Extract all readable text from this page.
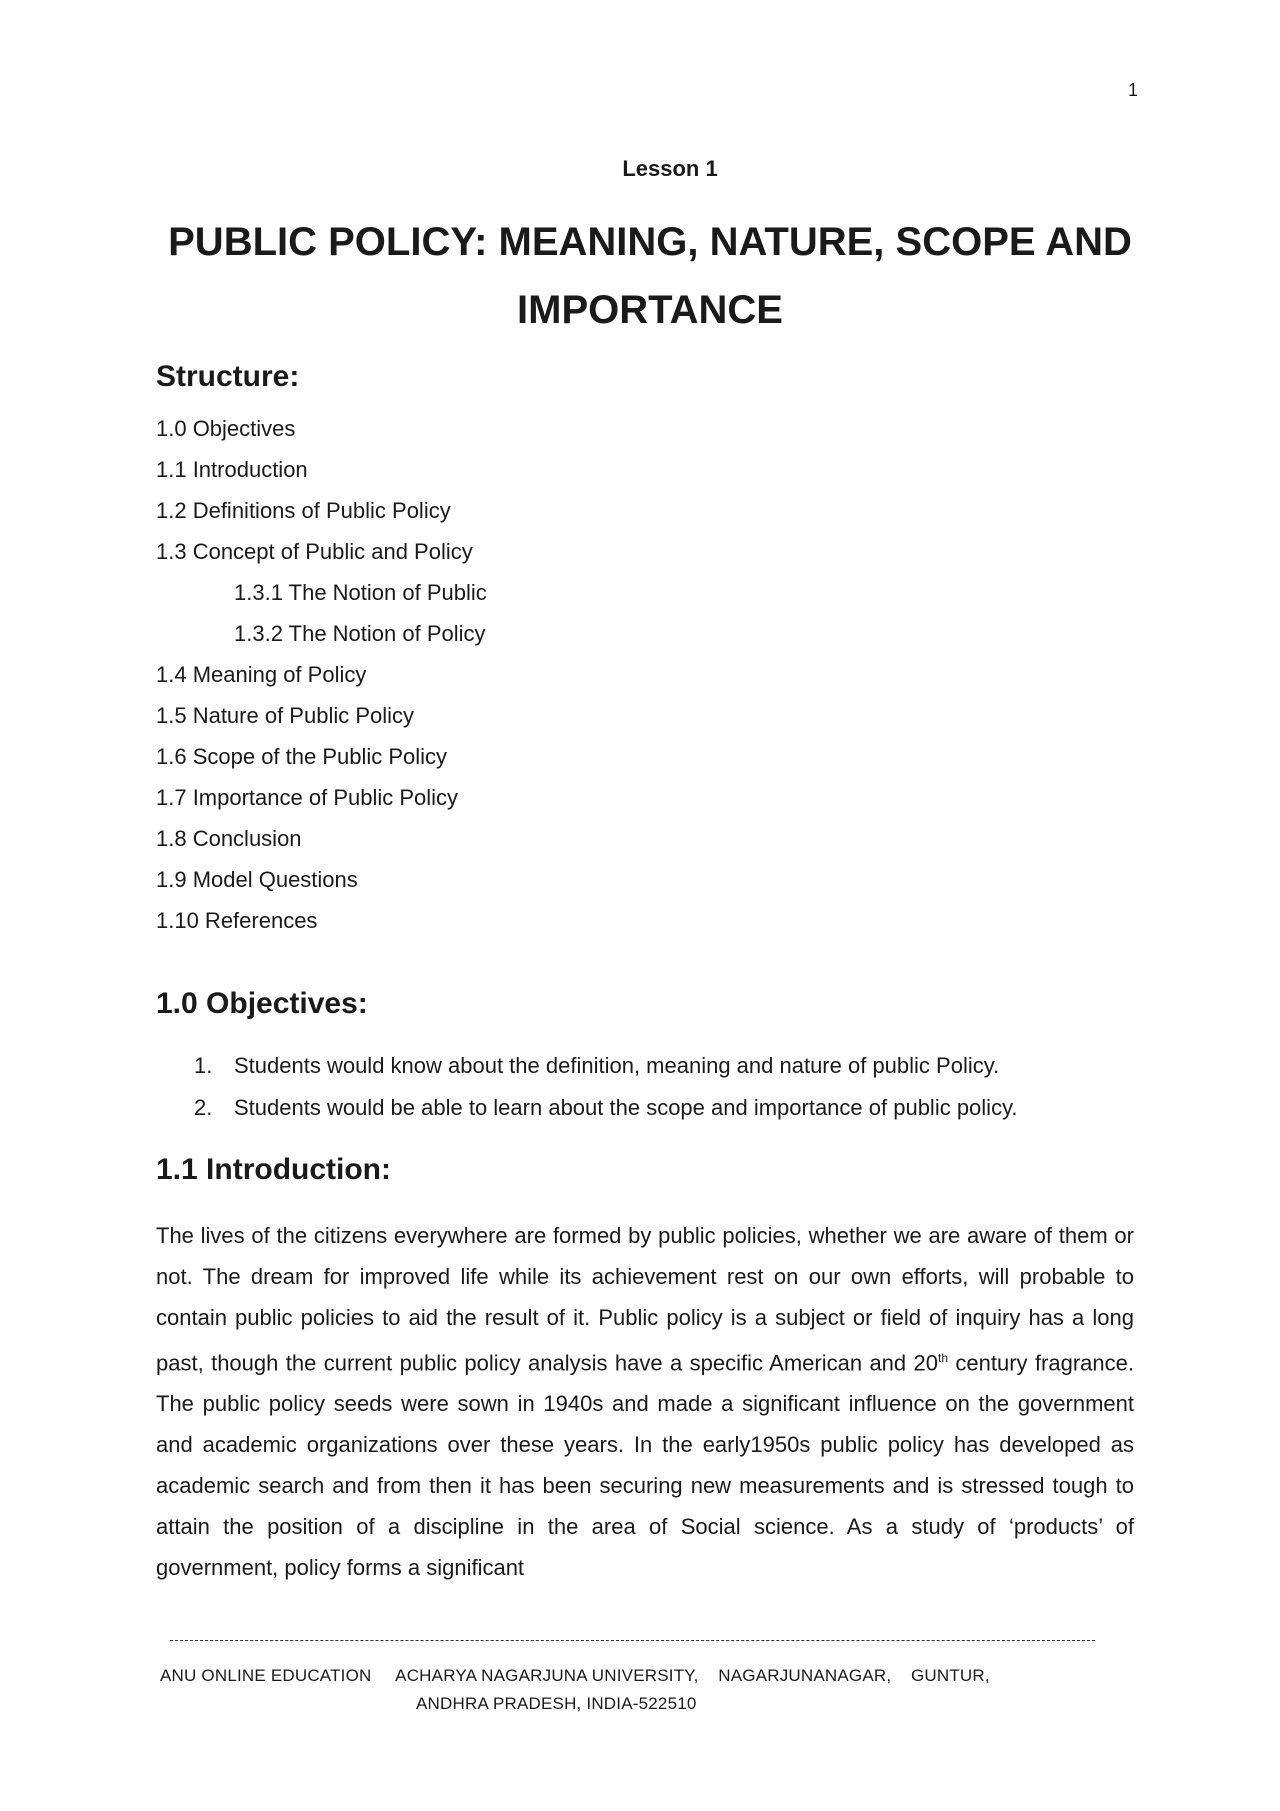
1
Lesson 1
PUBLIC POLICY: MEANING, NATURE, SCOPE AND
IMPORTANCE
Structure:
1.0 Objectives
1.1 Introduction
1.2 Definitions of Public Policy
1.3 Concept of Public and Policy
1.3.1 The Notion of Public
1.3.2 The Notion of Policy
1.4 Meaning of Policy
1.5 Nature of Public Policy
1.6 Scope of the Public Policy
1.7 Importance of Public Policy
1.8 Conclusion
1.9 Model Questions
1.10 References
1.0 Objectives:
1. Students would know about the definition, meaning and nature of public Policy.
2. Students would be able to learn about the scope and importance of public policy.
1.1 Introduction:

The lives of the citizens everywhere are formed by public policies, whether we are aware of them or not. The dream for improved life while its achievement rest on our own efforts, will probable to contain public policies to aid the result of it. Public policy is a subject or field of inquiry has a long past, though the current public policy analysis have a specific American and 20th century fragrance. The public policy seeds were sown in 1940s and made a significant influence on the government and academic organizations over these years. In the early1950s public policy has developed as academic search and from then it has been securing new measurements and is stressed tough to attain the position of a discipline in the area of Social science. As a study of ‘products’ of government, policy forms a significant

ANU ONLINE EDUCATION     ACHARYA NAGARJUNA UNIVERSITY,    NAGARJUNANAGAR,    GUNTUR,
ANDHRA PRADESH, INDIA-522510
